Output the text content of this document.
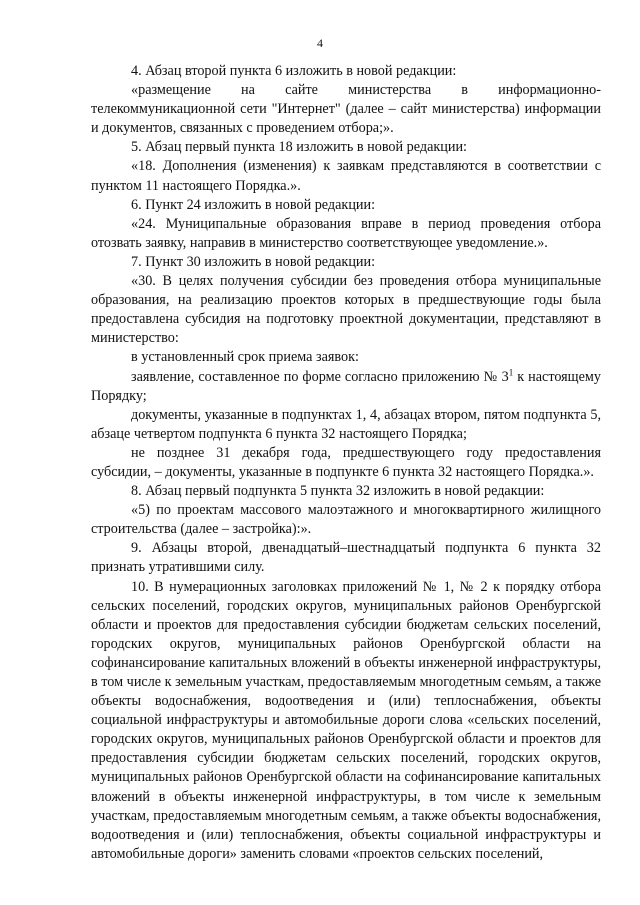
4

4. Абзац второй пункта 6 изложить в новой редакции:

«размещение на сайте министерства в информационно-телекоммуникационной сети "Интернет" (далее – сайт министерства) информации и документов, связанных с проведением отбора;».

5. Абзац первый пункта 18 изложить в новой редакции:

«18. Дополнения (изменения) к заявкам представляются в соответствии с пунктом 11 настоящего Порядка.».

6. Пункт 24 изложить в новой редакции:

«24. Муниципальные образования вправе в период проведения отбора отозвать заявку, направив в министерство соответствующее уведомление.».

7. Пункт 30 изложить в новой редакции:

«30. В целях получения субсидии без проведения отбора муниципальные образования, на реализацию проектов которых в предшествующие годы была предоставлена субсидия на подготовку проектной документации, представляют в министерство:

в установленный срок приема заявок:

заявление, составленное по форме согласно приложению № $3^1$ к настоящему Порядку;

документы, указанные в подпунктах 1, 4, абзацах втором, пятом подпункта 5, абзаце четвертом подпункта 6 пункта 32 настоящего Порядка;

не позднее 31 декабря года, предшествующего году предоставления субсидии, – документы, указанные в подпункте 6 пункта 32 настоящего Порядка.».

8. Абзац первый подпункта 5 пункта 32 изложить в новой редакции:

«5) по проектам массового малоэтажного и многоквартирного жилищного строительства (далее – застройка):».

9. Абзацы второй, двенадцатый–шестнадцатый подпункта 6 пункта 32 признать утратившими силу.

10. В нумерационных заголовках приложений № 1, № 2 к порядку отбора сельских поселений, городских округов, муниципальных районов Оренбургской области и проектов для предоставления субсидии бюджетам сельских поселений, городских округов, муниципальных районов Оренбургской области на софинансирование капитальных вложений в объекты инженерной инфраструктуры, в том числе к земельным участкам, предоставляемым многодетным семьям, а также объекты водоснабжения, водоотведения и (или) теплоснабжения, объекты социальной инфраструктуры и автомобильные дороги слова «сельских поселений, городских округов, муниципальных районов Оренбургской области и проектов для предоставления субсидии бюджетам сельских поселений, городских округов, муниципальных районов Оренбургской области на софинансирование капитальных вложений в объекты инженерной инфраструктуры, в том числе к земельным участкам, предоставляемым многодетным семьям, а также объекты водоснабжения, водоотведения и (или) теплоснабжения, объекты социальной инфраструктуры и автомобильные дороги» заменить словами «проектов сельских поселений,
